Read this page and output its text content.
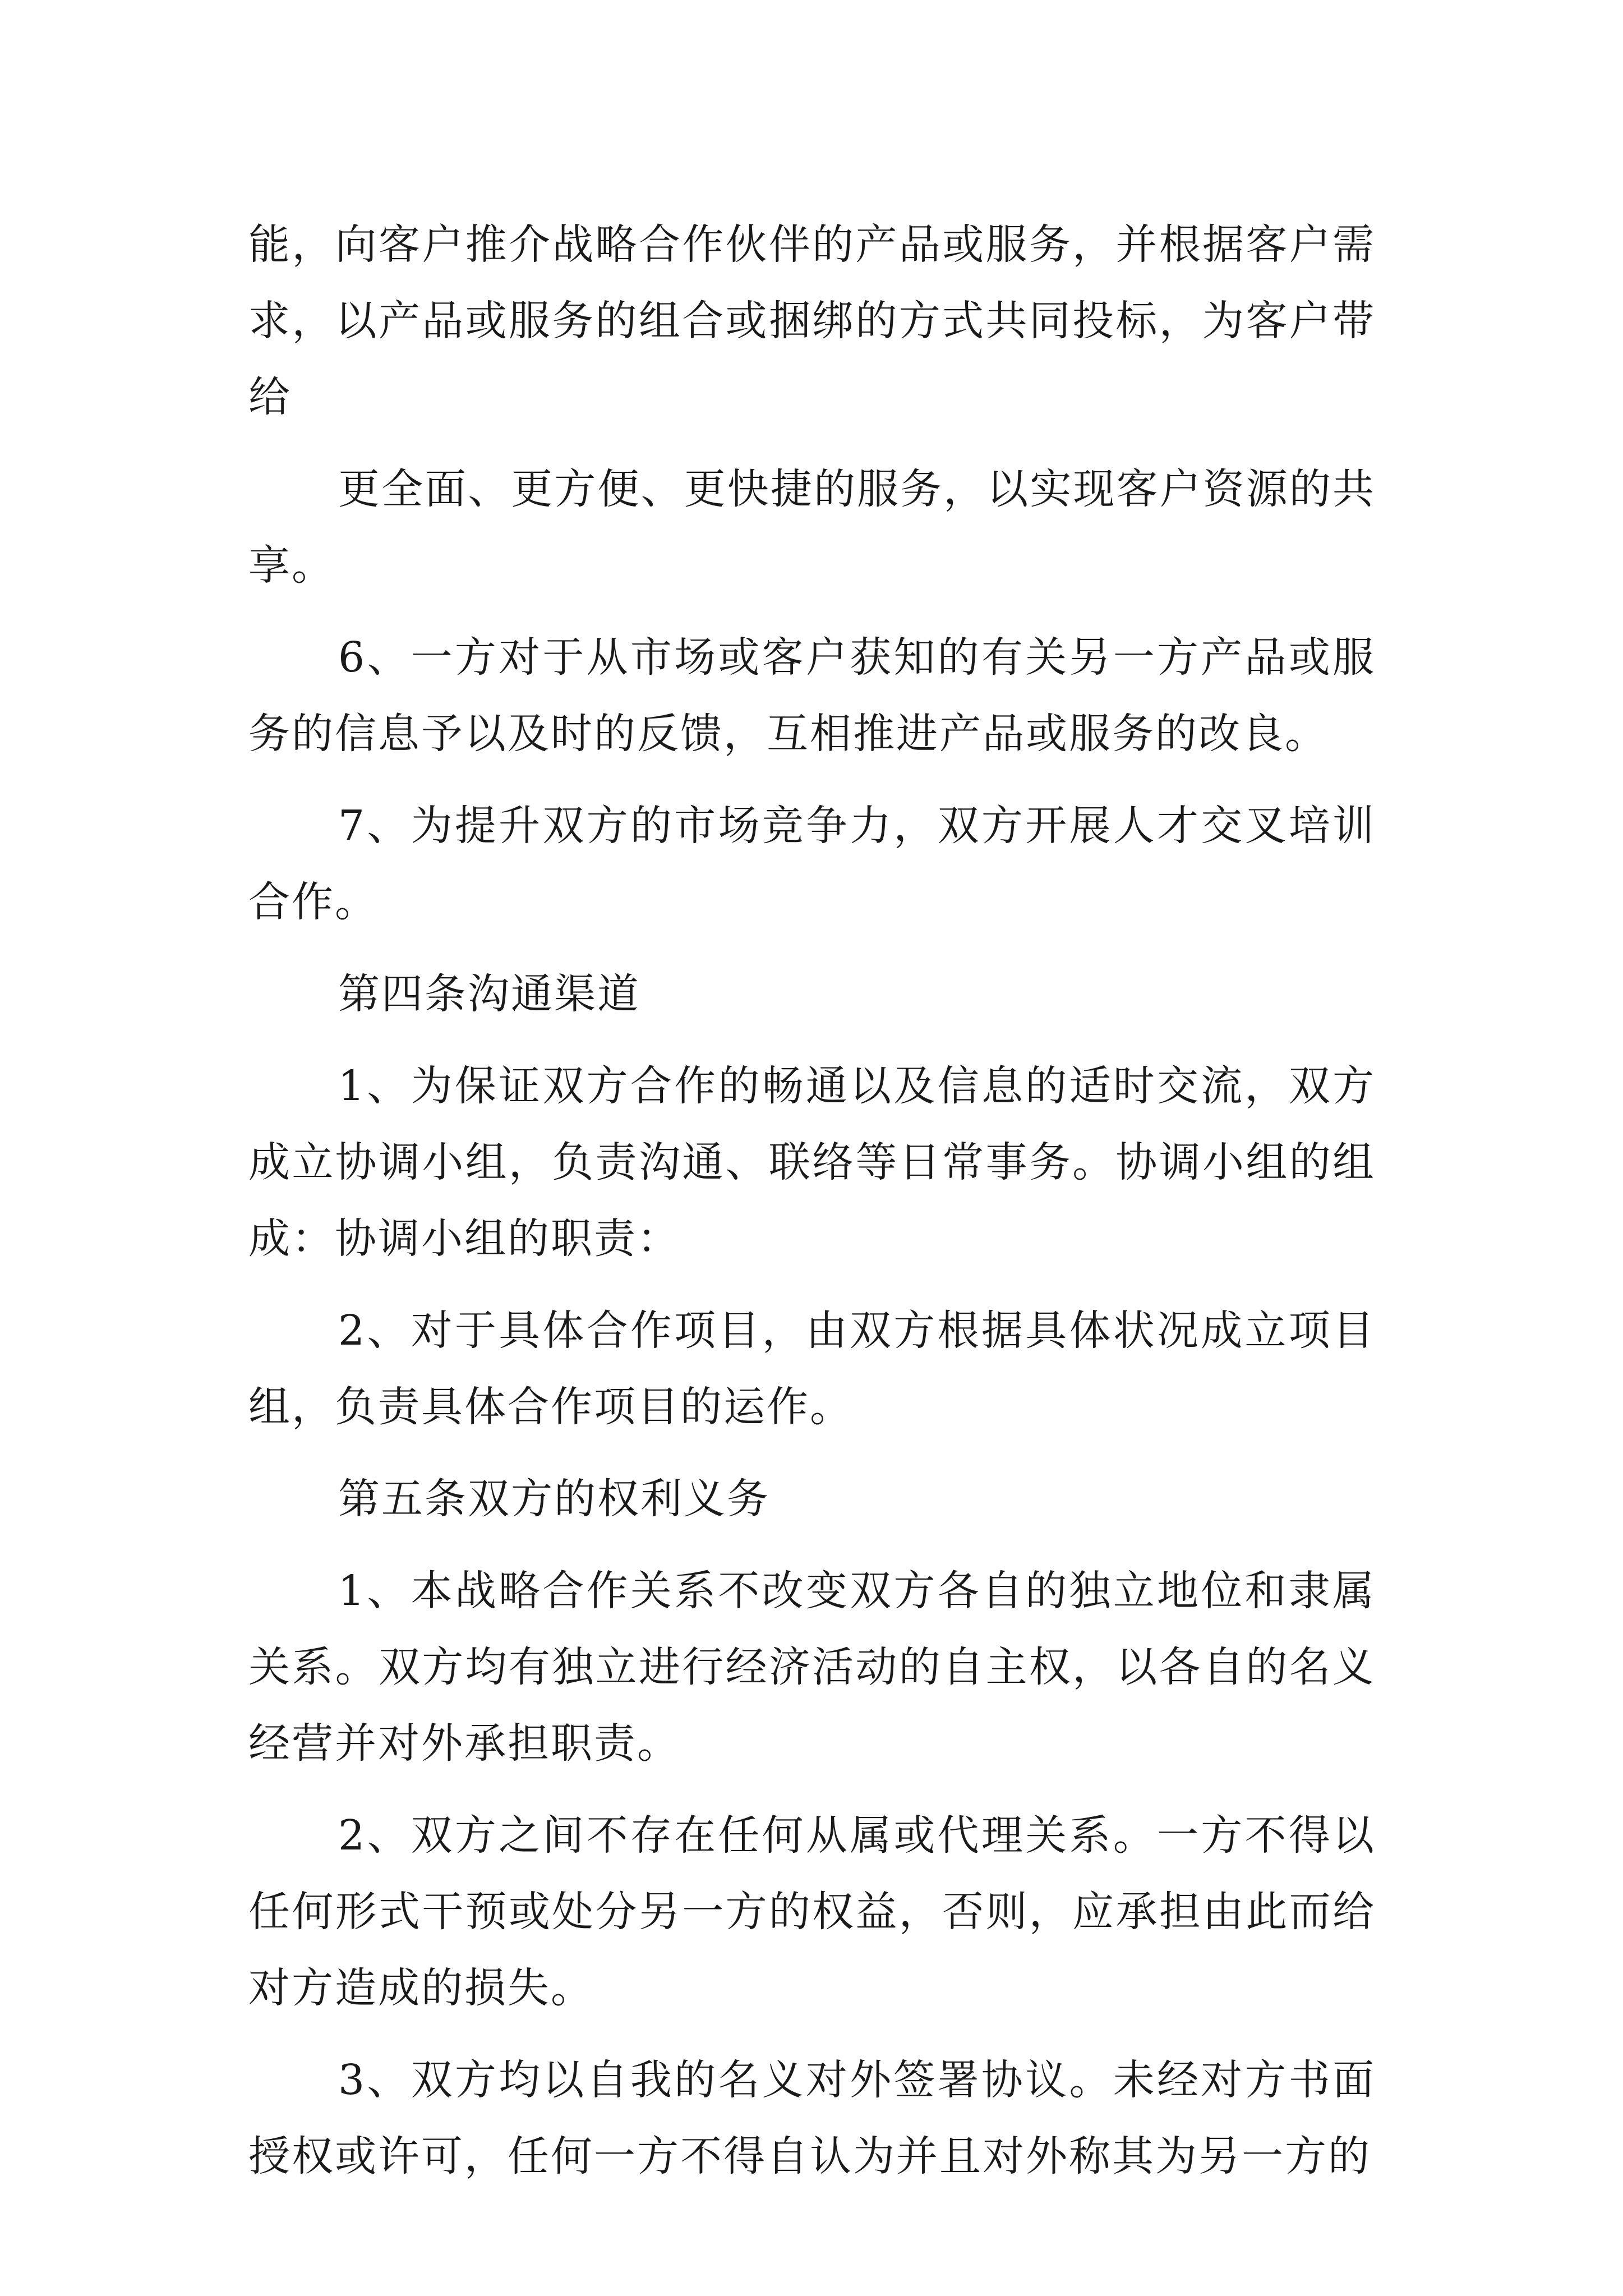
能，向客户推介战略合作伙伴的产品或服务，并根据客户需求，以产品或服务的组合或捆绑的方式共同投标，为客户带给

更全面、更方便、更快捷的服务，以实现客户资源的共享。

6、一方对于从市场或客户获知的有关另一方产品或服务的信息予以及时的反馈，互相推进产品或服务的改良。

7、为提升双方的市场竞争力，双方开展人才交叉培训合作。

第四条沟通渠道

1、为保证双方合作的畅通以及信息的适时交流，双方成立协调小组，负责沟通、联络等日常事务。协调小组的组成：协调小组的职责：

2、对于具体合作项目，由双方根据具体状况成立项目组，负责具体合作项目的运作。

第五条双方的权利义务

1、本战略合作关系不改变双方各自的独立地位和隶属关系。双方均有独立进行经济活动的自主权，以各自的名义经营并对外承担职责。

2、双方之间不存在任何从属或代理关系。一方不得以任何形式干预或处分另一方的权益，否则，应承担由此而给对方造成的损失。

3、双方均以自我的名义对外签署协议。未经对方书面授权或许可，任何一方不得自认为并且对外称其为另一方的
